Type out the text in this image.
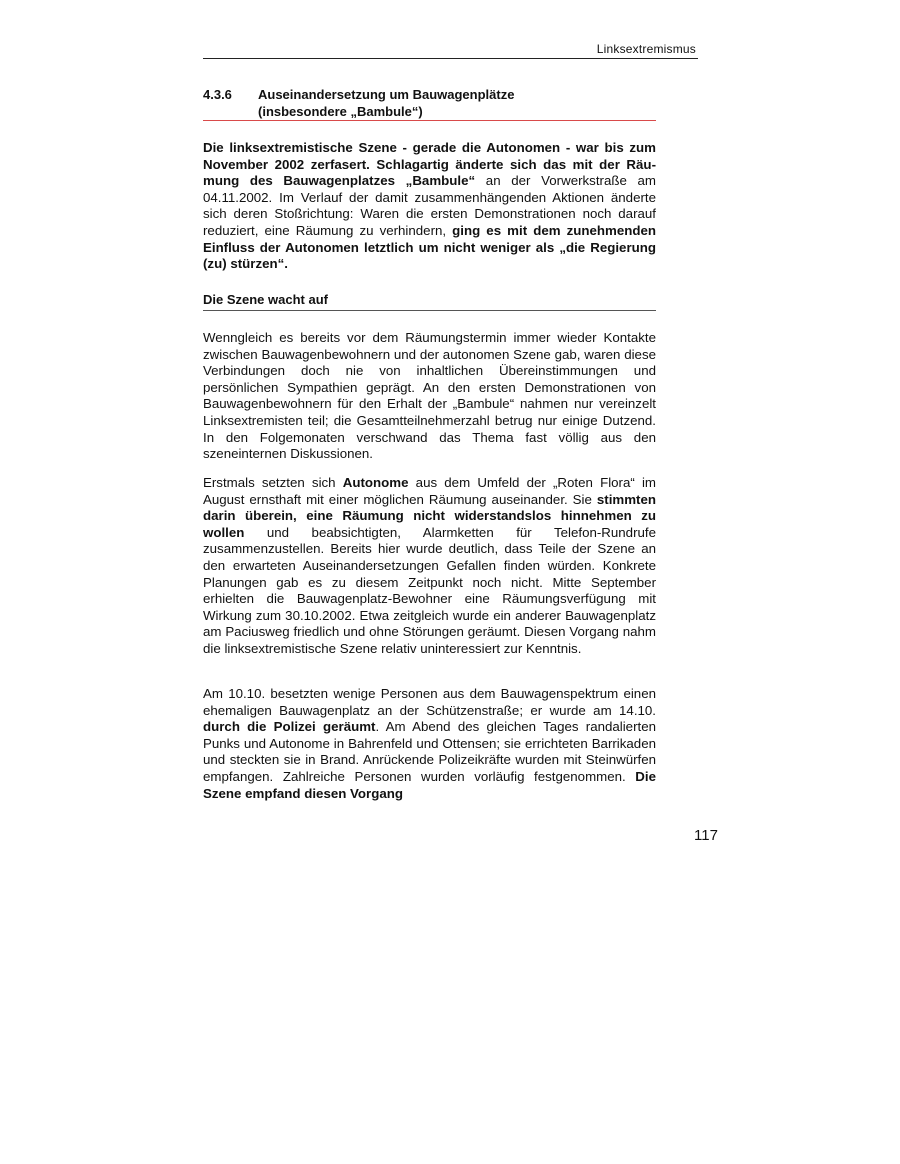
Linksextremismus
4.3.6 Auseinandersetzung um Bauwagenplätze
(insbesondere „Bambule“)

Die linksextremistische Szene - gerade die Autonomen - war bis zum November 2002 zerfasert. Schlagartig änderte sich das mit der Räumung des Bauwagenplatzes „Bambule“ an der Vorwerkstraße am 04.11.2002. Im Verlauf der damit zusammenhängenden Aktionen änderte sich deren Stoßrichtung: Waren die ersten Demonstrationen noch darauf reduziert, eine Räumung zu verhindern, ging es mit dem zunehmenden Einfluss der Autonomen letztlich um nicht weniger als „die Regierung (zu) stürzen“.

Die Szene wacht auf

Wenngleich es bereits vor dem Räumungstermin immer wieder Kontakte zwischen Bauwagenbewohnern und der autonomen Szene gab, waren diese Verbindungen doch nie von inhaltlichen Übereinstimmungen und persönlichen Sympathien geprägt. An den ersten Demonstrationen von Bauwagenbewohnern für den Erhalt der „Bambule“ nahmen nur vereinzelt Linksextremisten teil; die Gesamtteilnehmerzahl betrug nur einige Dutzend. In den Folgemonaten verschwand das Thema fast völlig aus den szeneinternen Diskussionen.

Erstmals setzten sich Autonome aus dem Umfeld der „Roten Flora“ im August ernsthaft mit einer möglichen Räumung auseinander. Sie stimmten darin überein, eine Räumung nicht widerstandslos hinnehmen zu wollen und beabsichtigten, Alarmketten für Telefon-Rundrufe zusammenzustellen. Bereits hier wurde deutlich, dass Teile der Szene an den erwarteten Auseinandersetzungen Gefallen finden würden. Konkrete Planungen gab es zu diesem Zeitpunkt noch nicht. Mitte September erhielten die Bauwagenplatz-Bewohner eine Räumungsverfügung mit Wirkung zum 30.10.2002. Etwa zeitgleich wurde ein anderer Bauwagenplatz am Paciusweg friedlich und ohne Störungen geräumt. Diesen Vorgang nahm die linksextremistische Szene relativ uninteressiert zur Kenntnis.

Am 10.10. besetzten wenige Personen aus dem Bauwagenspektrum einen ehemaligen Bauwagenplatz an der Schützenstraße; er wurde am 14.10. durch die Polizei geräumt. Am Abend des gleichen Tages randalierten Punks und Autonome in Bahrenfeld und Ottensen; sie errichteten Barrikaden und steckten sie in Brand. Anrückende Polizeikräfte wurden mit Steinwürfen empfangen. Zahlreiche Personen wurden vorläufig festgenommen. Die Szene empfand diesen Vorgang

117
